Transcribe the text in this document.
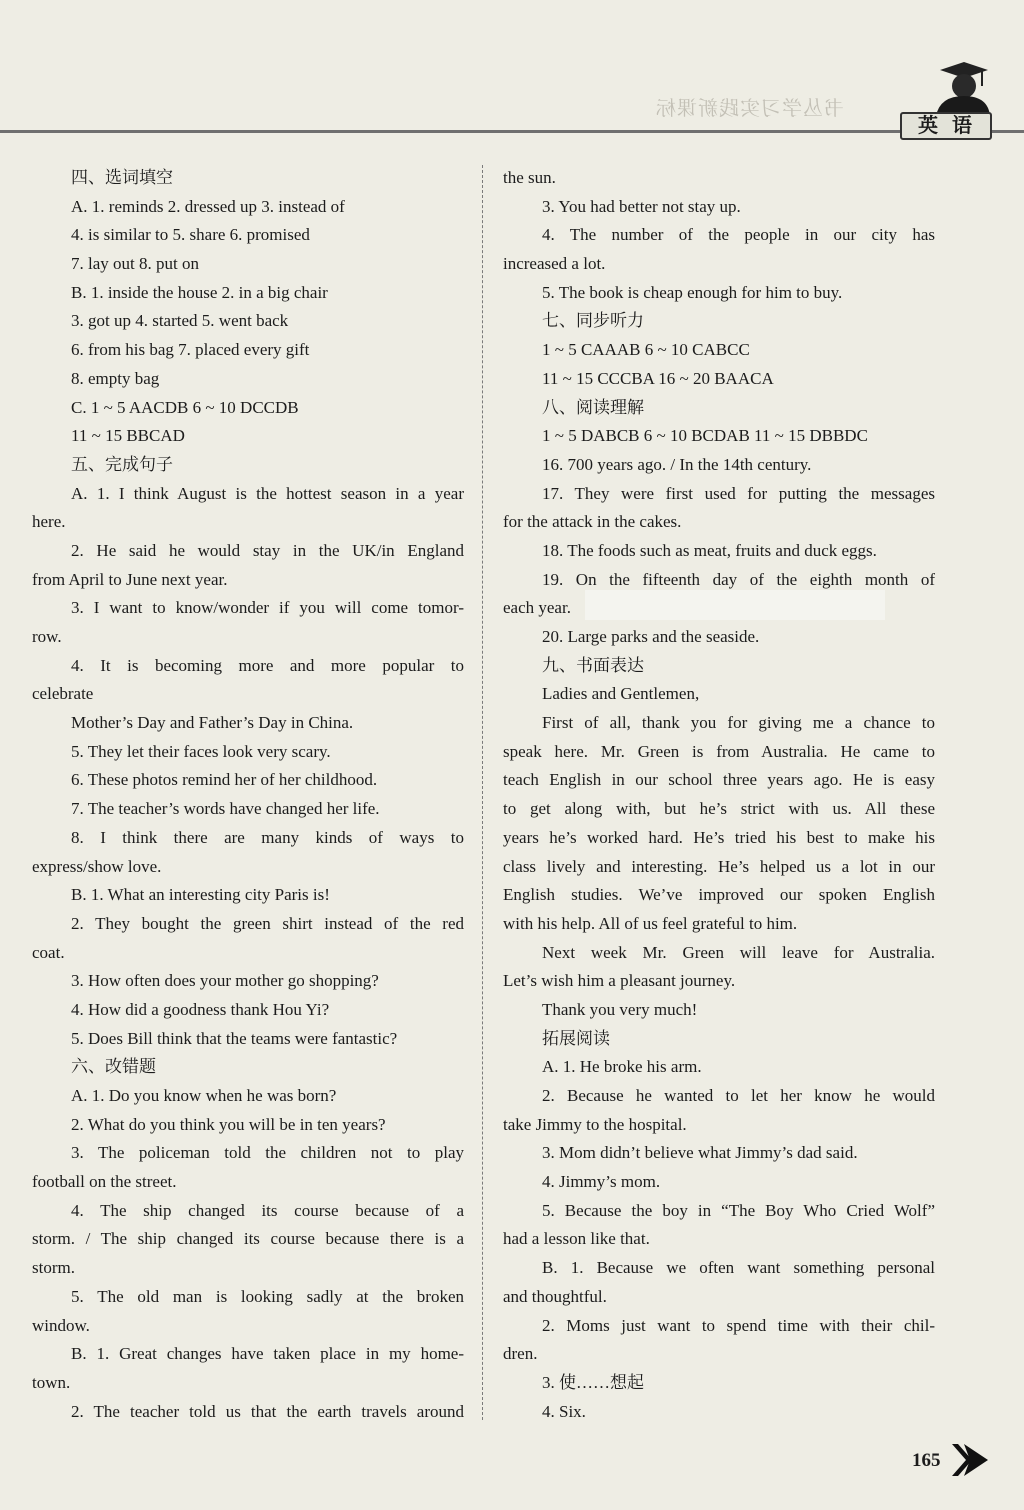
书丛学习实践新课标
英语
四、选词填空
A. 1. reminds 2. dressed up 3. instead of
4. is similar to 5. share 6. promised
7. lay out 8. put on
B. 1. inside the house 2. in a big chair
3. got up 4. started 5. went back
6. from his bag 7. placed every gift
8. empty bag
C. 1 ~ 5 AACDB 6 ~ 10 DCCDB
11 ~ 15 BBCAD
五、完成句子
A. 1. I think August is the hottest season in a year
here.
2. He said he would stay in the UK/in England
from April to June next year.
3. I want to know/wonder if you will come tomor-
row.
4. It is becoming more and more popular to
celebrate
Mother’s Day and Father’s Day in China.
5. They let their faces look very scary.
6. These photos remind her of her childhood.
7. The teacher’s words have changed her life.
8. I think there are many kinds of ways to
express/show love.
B. 1. What an interesting city Paris is!
2. They bought the green shirt instead of the red
coat.
3. How often does your mother go shopping?
4. How did a goodness thank Hou Yi?
5. Does Bill think that the teams were fantastic?
六、改错题
A. 1. Do you know when he was born?
2. What do you think you will be in ten years?
3. The policeman told the children not to play
football on the street.
4. The ship changed its course because of a
storm. / The ship changed its course because there is a
storm.
5. The old man is looking sadly at the broken
window.
B. 1. Great changes have taken place in my home-
town.
2. The teacher told us that the earth travels around
the sun.
3. You had better not stay up.
4. The number of the people in our city has
increased a lot.
5. The book is cheap enough for him to buy.
七、同步听力
1 ~ 5 CAAAB 6 ~ 10 CABCC
11 ~ 15 CCCBA 16 ~ 20 BAACA
八、阅读理解
1 ~ 5 DABCB 6 ~ 10 BCDAB 11 ~ 15 DBBDC
16. 700 years ago. / In the 14th century.
17. They were first used for putting the messages
for the attack in the cakes.
18. The foods such as meat, fruits and duck eggs.
19. On the fifteenth day of the eighth month of
each year.
20. Large parks and the seaside.
九、书面表达
Ladies and Gentlemen,
First of all, thank you for giving me a chance to
speak here. Mr. Green is from Australia. He came to
teach English in our school three years ago. He is easy
to get along with, but he’s strict with us. All these
years he’s worked hard. He’s tried his best to make his
class lively and interesting. He’s helped us a lot in our
English studies. We’ve improved our spoken English
with his help. All of us feel grateful to him.
Next week Mr. Green will leave for Australia.
Let’s wish him a pleasant journey.
Thank you very much!
拓展阅读
A. 1. He broke his arm.
2. Because he wanted to let her know he would
take Jimmy to the hospital.
3. Mom didn’t believe what Jimmy’s dad said.
4. Jimmy’s mom.
5. Because the boy in “The Boy Who Cried Wolf”
had a lesson like that.
B. 1. Because we often want something personal
and thoughtful.
2. Moms just want to spend time with their chil-
dren.
3. 使……想起
4. Six.
165
